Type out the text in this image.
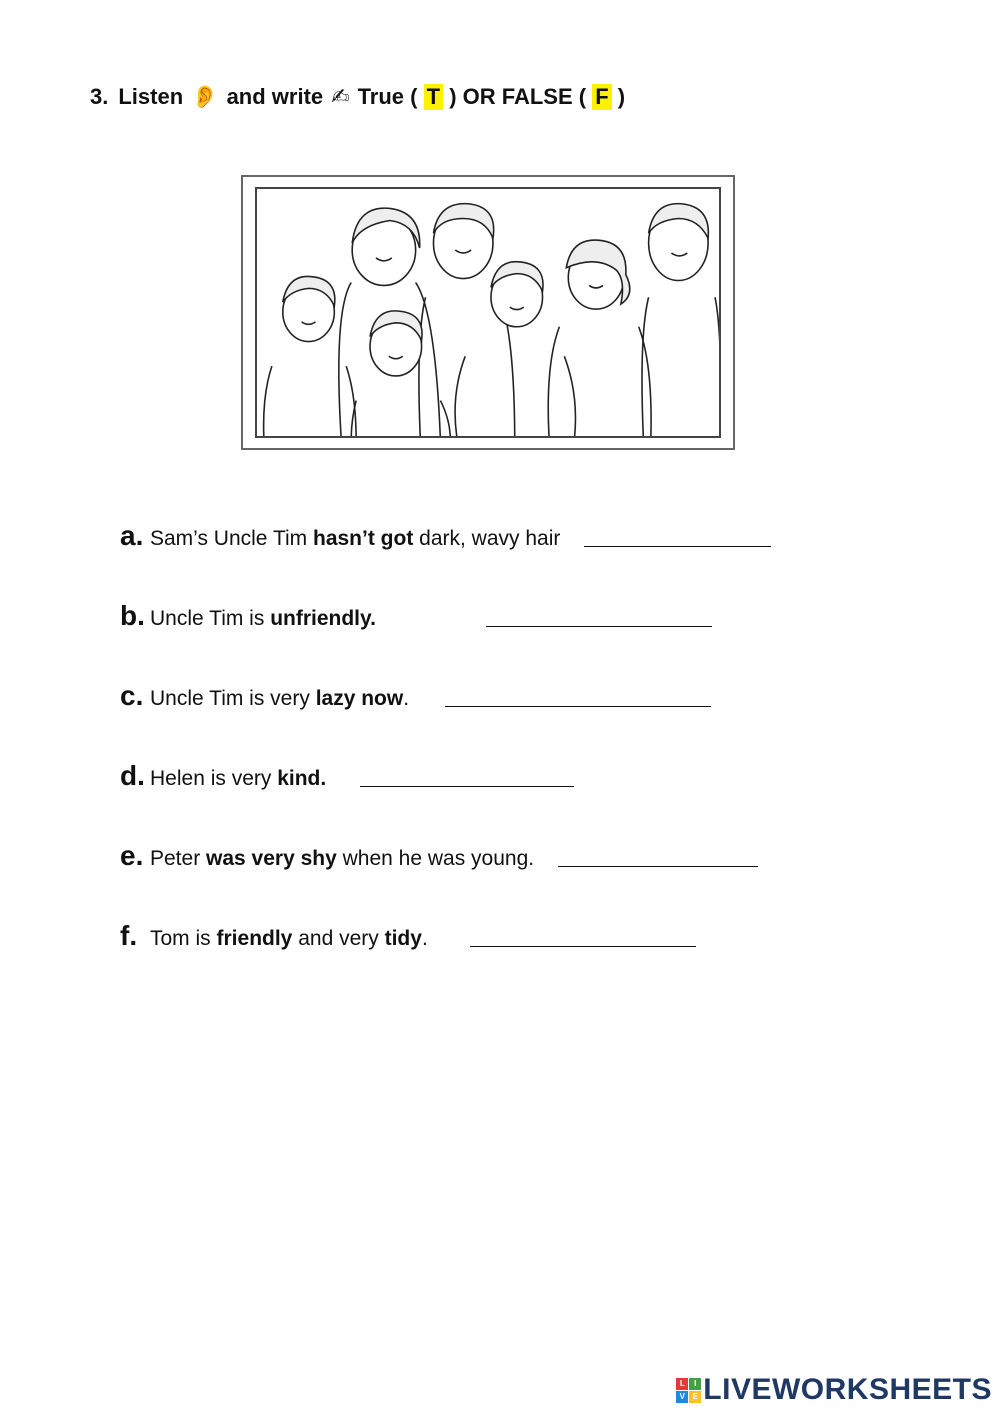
3. Listen 👂 and write ✍ True (
T
) OR FALSE (
F
)
a. Sam’s Uncle Tim hasn’t got dark, wavy hair
b. Uncle Tim is unfriendly.
c. Uncle Tim is very lazy now.
d. Helen is very kind.
e. Peter was very shy when he was young.
f. Tom is friendly and very tidy.
L	I
V E LIVEWORKSHEETS
